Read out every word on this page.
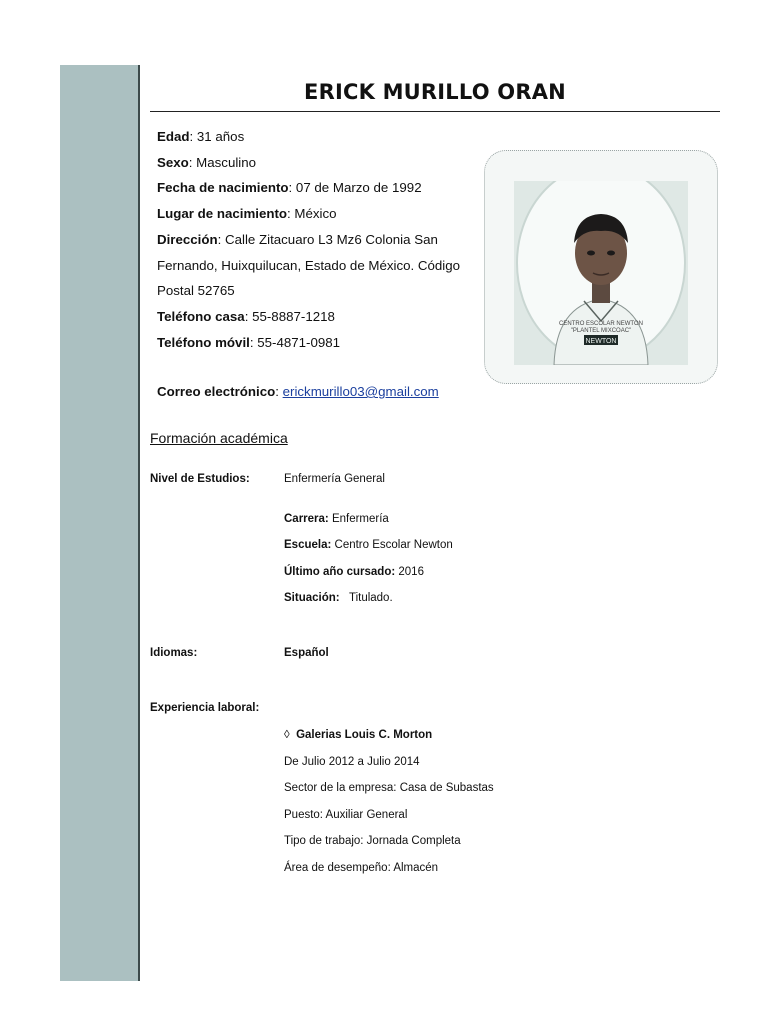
ERICK MURILLO ORAN
Edad: 31 años
Sexo: Masculino
Fecha de nacimiento: 07 de Marzo de 1992
Lugar de nacimiento: México
Dirección: Calle Zitacuaro L3 Mz6 Colonia San Fernando, Huixquilucan, Estado de México. Código Postal 52765
Teléfono casa: 55-8887-1218
Teléfono móvil: 55-4871-0981
Correo electrónico: erickmurillo03@gmail.com
CENTRO ESCOLAR NEWTON
"PLANTEL MIXCOAC"
NEWTON
Formación académica
Nivel de Estudios:	Enfermería General
Carrera: Enfermería
Escuela: Centro Escolar Newton
Último año cursado: 2016
Situación:   Titulado.
Idiomas:	Español
Experiencia laboral:
◊ Galerias Louis C. Morton
De Julio 2012 a Julio 2014
Sector de la empresa: Casa de Subastas
Puesto: Auxiliar General
Tipo de trabajo: Jornada Completa
Área de desempeño: Almacén
